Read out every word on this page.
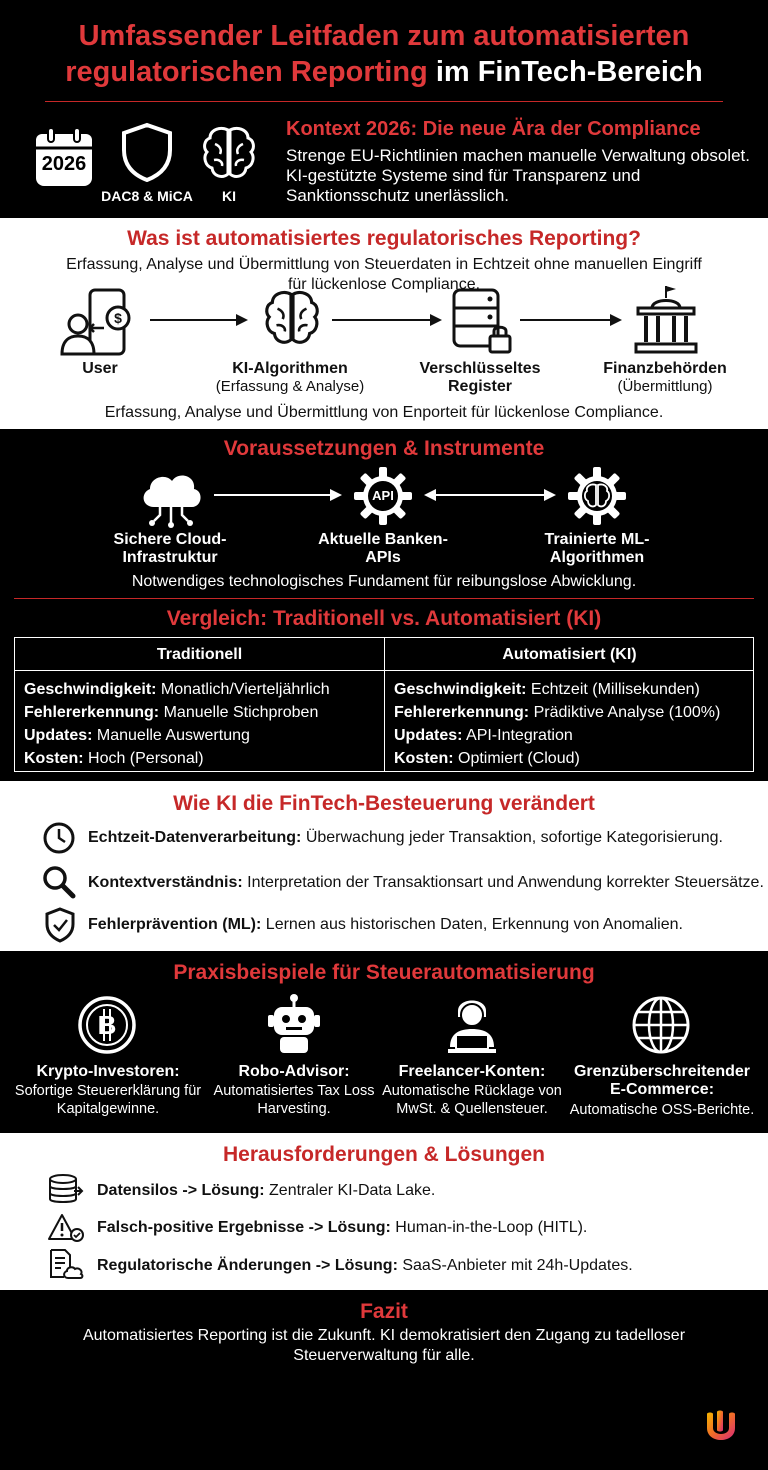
Umfassender Leitfaden zum automatisierten regulatorischen Reporting im FinTech-Bereich
2026
DAC8 & MiCA	KI
Kontext 2026: Die neue Ära der Compliance
Strenge EU-Richtlinien machen manuelle Verwaltung obsolet. KI-gestützte Systeme sind für Transparenz und Sanktionsschutz unerlässlich.
Was ist automatisiertes regulatorisches Reporting?
Erfassung, Analyse und Übermittlung von Steuerdaten in Echtzeit ohne manuellen Eingriff für lückenlose Compliance.
$
User	KI-Algorithmen
(Erfassung & Analyse)
Verschlüsseltes Register
Finanzbehörden
(Übermittlung)
Erfassung, Analyse und Übermittlung von Enporteit für lückenlose Compliance.
Voraussetzungen & Instrumente
API
Sichere Cloud-Infrastruktur
Aktuelle Banken-APIs
Trainierte ML-Algorithmen
Notwendiges technologisches Fundament für reibungslose Abwicklung.
Vergleich: Traditionell vs. Automatisiert (KI)
Traditionell	Automatisiert (KI)
Geschwindigkeit: Monatlich/Vierteljährlich
Fehlererkennung: Manuelle Stichproben
Updates: Manuelle Auswertung
Kosten: Hoch (Personal)
Geschwindigkeit: Echtzeit (Millisekunden)
Fehlererkennung: Prädiktive Analyse (100%)
Updates: API-Integration
Kosten: Optimiert (Cloud)
Wie KI die FinTech-Besteuerung verändert
Echtzeit-Datenverarbeitung: Überwachung jeder Transaktion, sofortige Kategorisierung.
Kontextverständnis: Interpretation der Transaktionsart und Anwendung korrekter Steuersätze.
Fehlerprävention (ML): Lernen aus historischen Daten, Erkennung von Anomalien.
Praxisbeispiele für Steuerautomatisierung
B
Krypto-Investoren:
Sofortige Steuererklärung für Kapitalgewinne.
Robo-Advisor:
Automatisiertes Tax Loss Harvesting.
Freelancer-Konten:
Automatische Rücklage von MwSt. & Quellensteuer.
Grenzüberschreitender E-Commerce:
Automatische OSS-Berichte.
Herausforderungen & Lösungen
Datensilos -> Lösung: Zentraler KI-Data Lake.
Falsch-positive Ergebnisse -> Lösung: Human-in-the-Loop (HITL).
Regulatorische Änderungen -> Lösung: SaaS-Anbieter mit 24h-Updates.
Fazit
Automatisiertes Reporting ist die Zukunft. KI demokratisiert den Zugang zu tadelloser Steuerverwaltung für alle.
